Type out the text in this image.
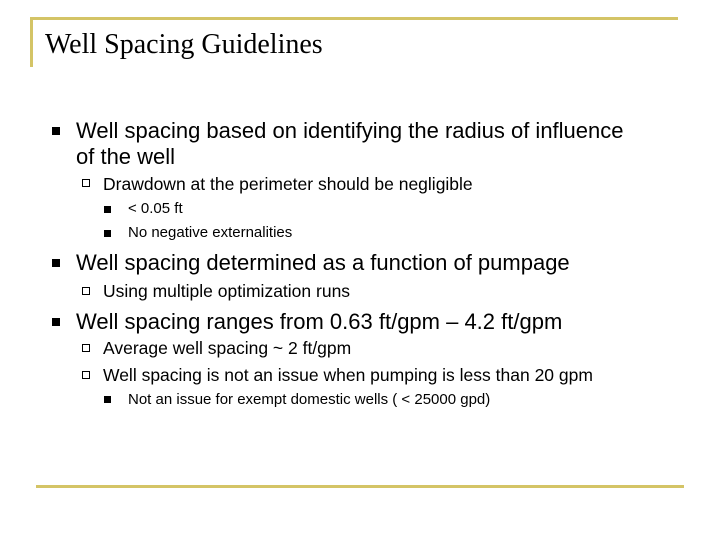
Well Spacing Guidelines
Well spacing based on identifying the radius of influence
of the well
Drawdown at the perimeter should be negligible
< 0.05 ft
No negative externalities
Well spacing determined as a function of pumpage
Using multiple optimization runs
Well spacing ranges from 0.63 ft/gpm – 4.2 ft/gpm
Average well spacing ~ 2 ft/gpm
Well spacing is not an issue when pumping is less than 20 gpm
Not an issue for exempt domestic wells ( < 25000 gpd)
